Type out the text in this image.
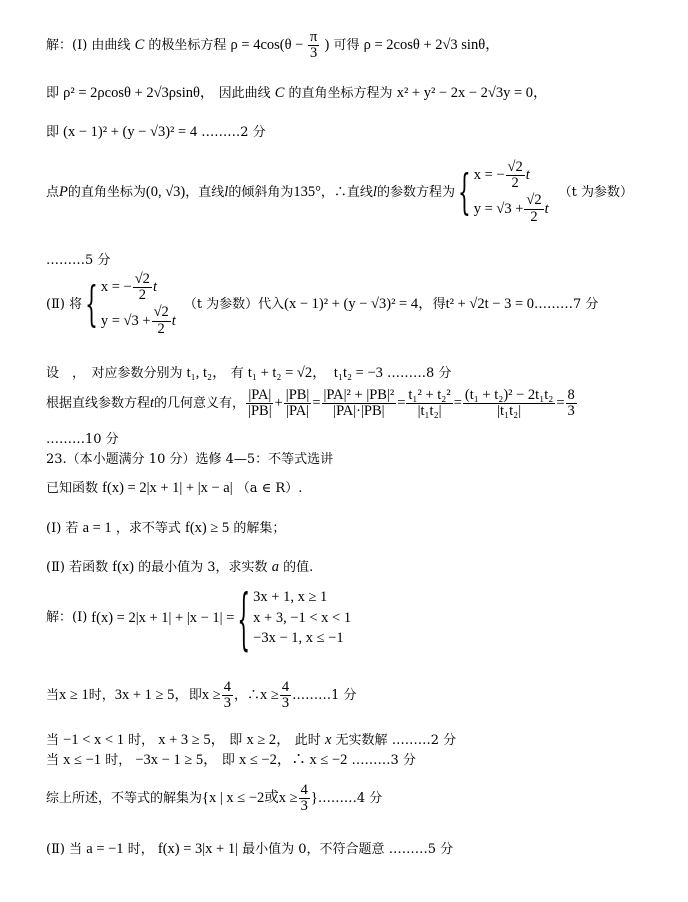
解：(Ⅰ) 由曲线 C 的极坐标方程 $\rho = 4\cos(\theta - \frac{\pi}{3}$ ) 可得 ρ = 2cosθ + 2√3 sinθ，
即 ρ² = 2ρcosθ + 2√3ρsinθ， 因此曲线 C 的直角坐标方程为 x² + y² − 2x − 2√3y = 0，
即 (x − 1)² + (y − √3)² = 4 ………2 分
点 P 的直角坐标为 (0, √3) ，直线 l 的倾斜角为 135° ，∴直线 l 的参数方程为 { x = − $\frac{√2}{2}$ t
$y = √3 + \frac{√2}{2}$ t
（t 为参数）
………5 分
(Ⅱ) 将 { x = − $\frac{√2}{2}$ t
$y = √3 + \frac{√2}{2}$ t
（t 为参数）代入 (x − 1)² + (y − √3)² = 4， 得 t² + √2t − 3 = 0 ………7 分
设　，　对应参数分别为 t₁, t₂， 有 t₁ + t₂ = √2，　t₁t₂ = −3 ………8 分
根据直线参数方程 t 的几何意义有， $\frac{|PA|}{|PB|} + \frac{|PB|}{|PA|} = \frac{\text{|PA|² + |PB|²}}{|PA|\cdot|PB|} = \frac{\text{t₁² + t₂²}}{\text{|t₁t₂|}} = \frac{\text{(t₁ + t₂)² − 2t₁t₂}}{\text{|t₁t₂|}} = \frac{8}{3}$
………10 分
23.（本小题满分 10 分）选修 4—5：不等式选讲
已知函数 f(x) = 2|x + 1| + |x − a| （a ∈ R）.
(Ⅰ) 若 a = 1 ，求不等式 f(x) ≥ 5 的解集；
(Ⅱ) 若函数 f(x) 的最小值为 3，求实数 a 的值.
解：(Ⅰ) f(x) = 2|x + 1| + |x − 1| = { 3x + 1, x ≥ 1
x + 3, −1 < x < 1
−3x − 1, x ≤ −1
当 x ≥ 1 时， 3x + 1 ≥ 5， 即 $x \ge \frac{4}{3}$ ，∴ $x \ge \frac{4}{3}$ ………1 分
当 −1 < x < 1 时， x + 3 ≥ 5， 即 x ≥ 2， 此时 x 无实数解 ………2 分
当 x ≤ −1 时， −3x − 1 ≥ 5， 即 x ≤ −2，∴ x ≤ −2 ………3 分
综上所述，不等式的解集为 {x | x ≤ −2或$x \ge \frac{4}{3}$ } ………4 分
(Ⅱ) 当 a = −1 时， f(x) = 3|x + 1| 最小值为 0，不符合题意 ………5 分
